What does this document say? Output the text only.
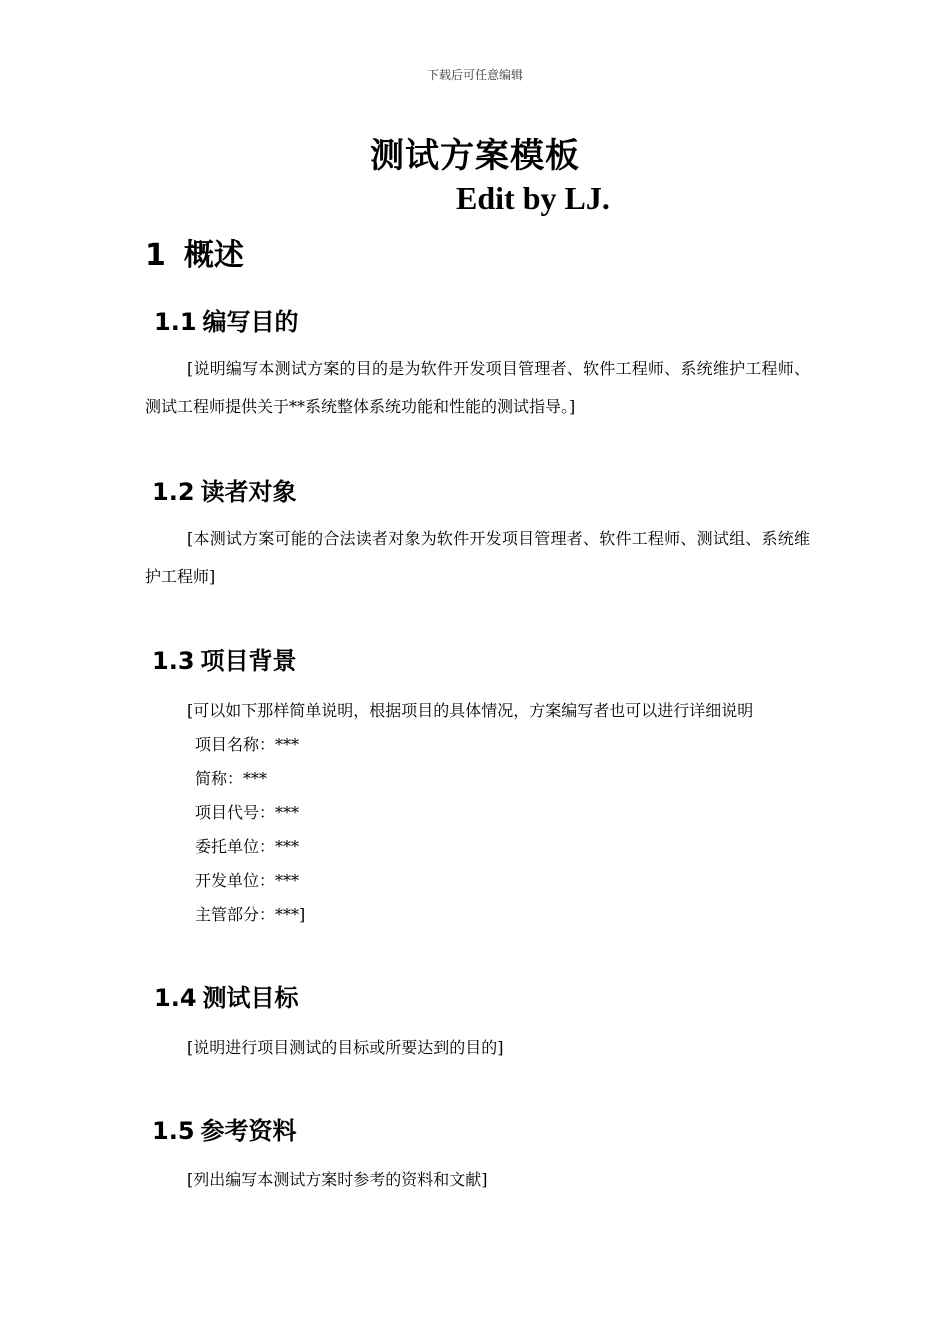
下载后可任意编辑
测试方案模板
Edit by LJ.
1 概述
1.1 编写目的
[说明编写本测试方案的目的是为软件开发项目管理者、软件工程师、系统维护工程师、测试工程师提供关于**系统整体系统功能和性能的测试指导。]
1.2 读者对象
[本测试方案可能的合法读者对象为软件开发项目管理者、软件工程师、测试组、系统维护工程师]
1.3 项目背景
[可以如下那样简单说明，根据项目的具体情况，方案编写者也可以进行详细说明
项目名称：***
简称：***
项目代号：***
委托单位：***
开发单位：***
主管部分：***]
1.4 测试目标
[说明进行项目测试的目标或所要达到的目的]
1.5 参考资料
[列出编写本测试方案时参考的资料和文献]
